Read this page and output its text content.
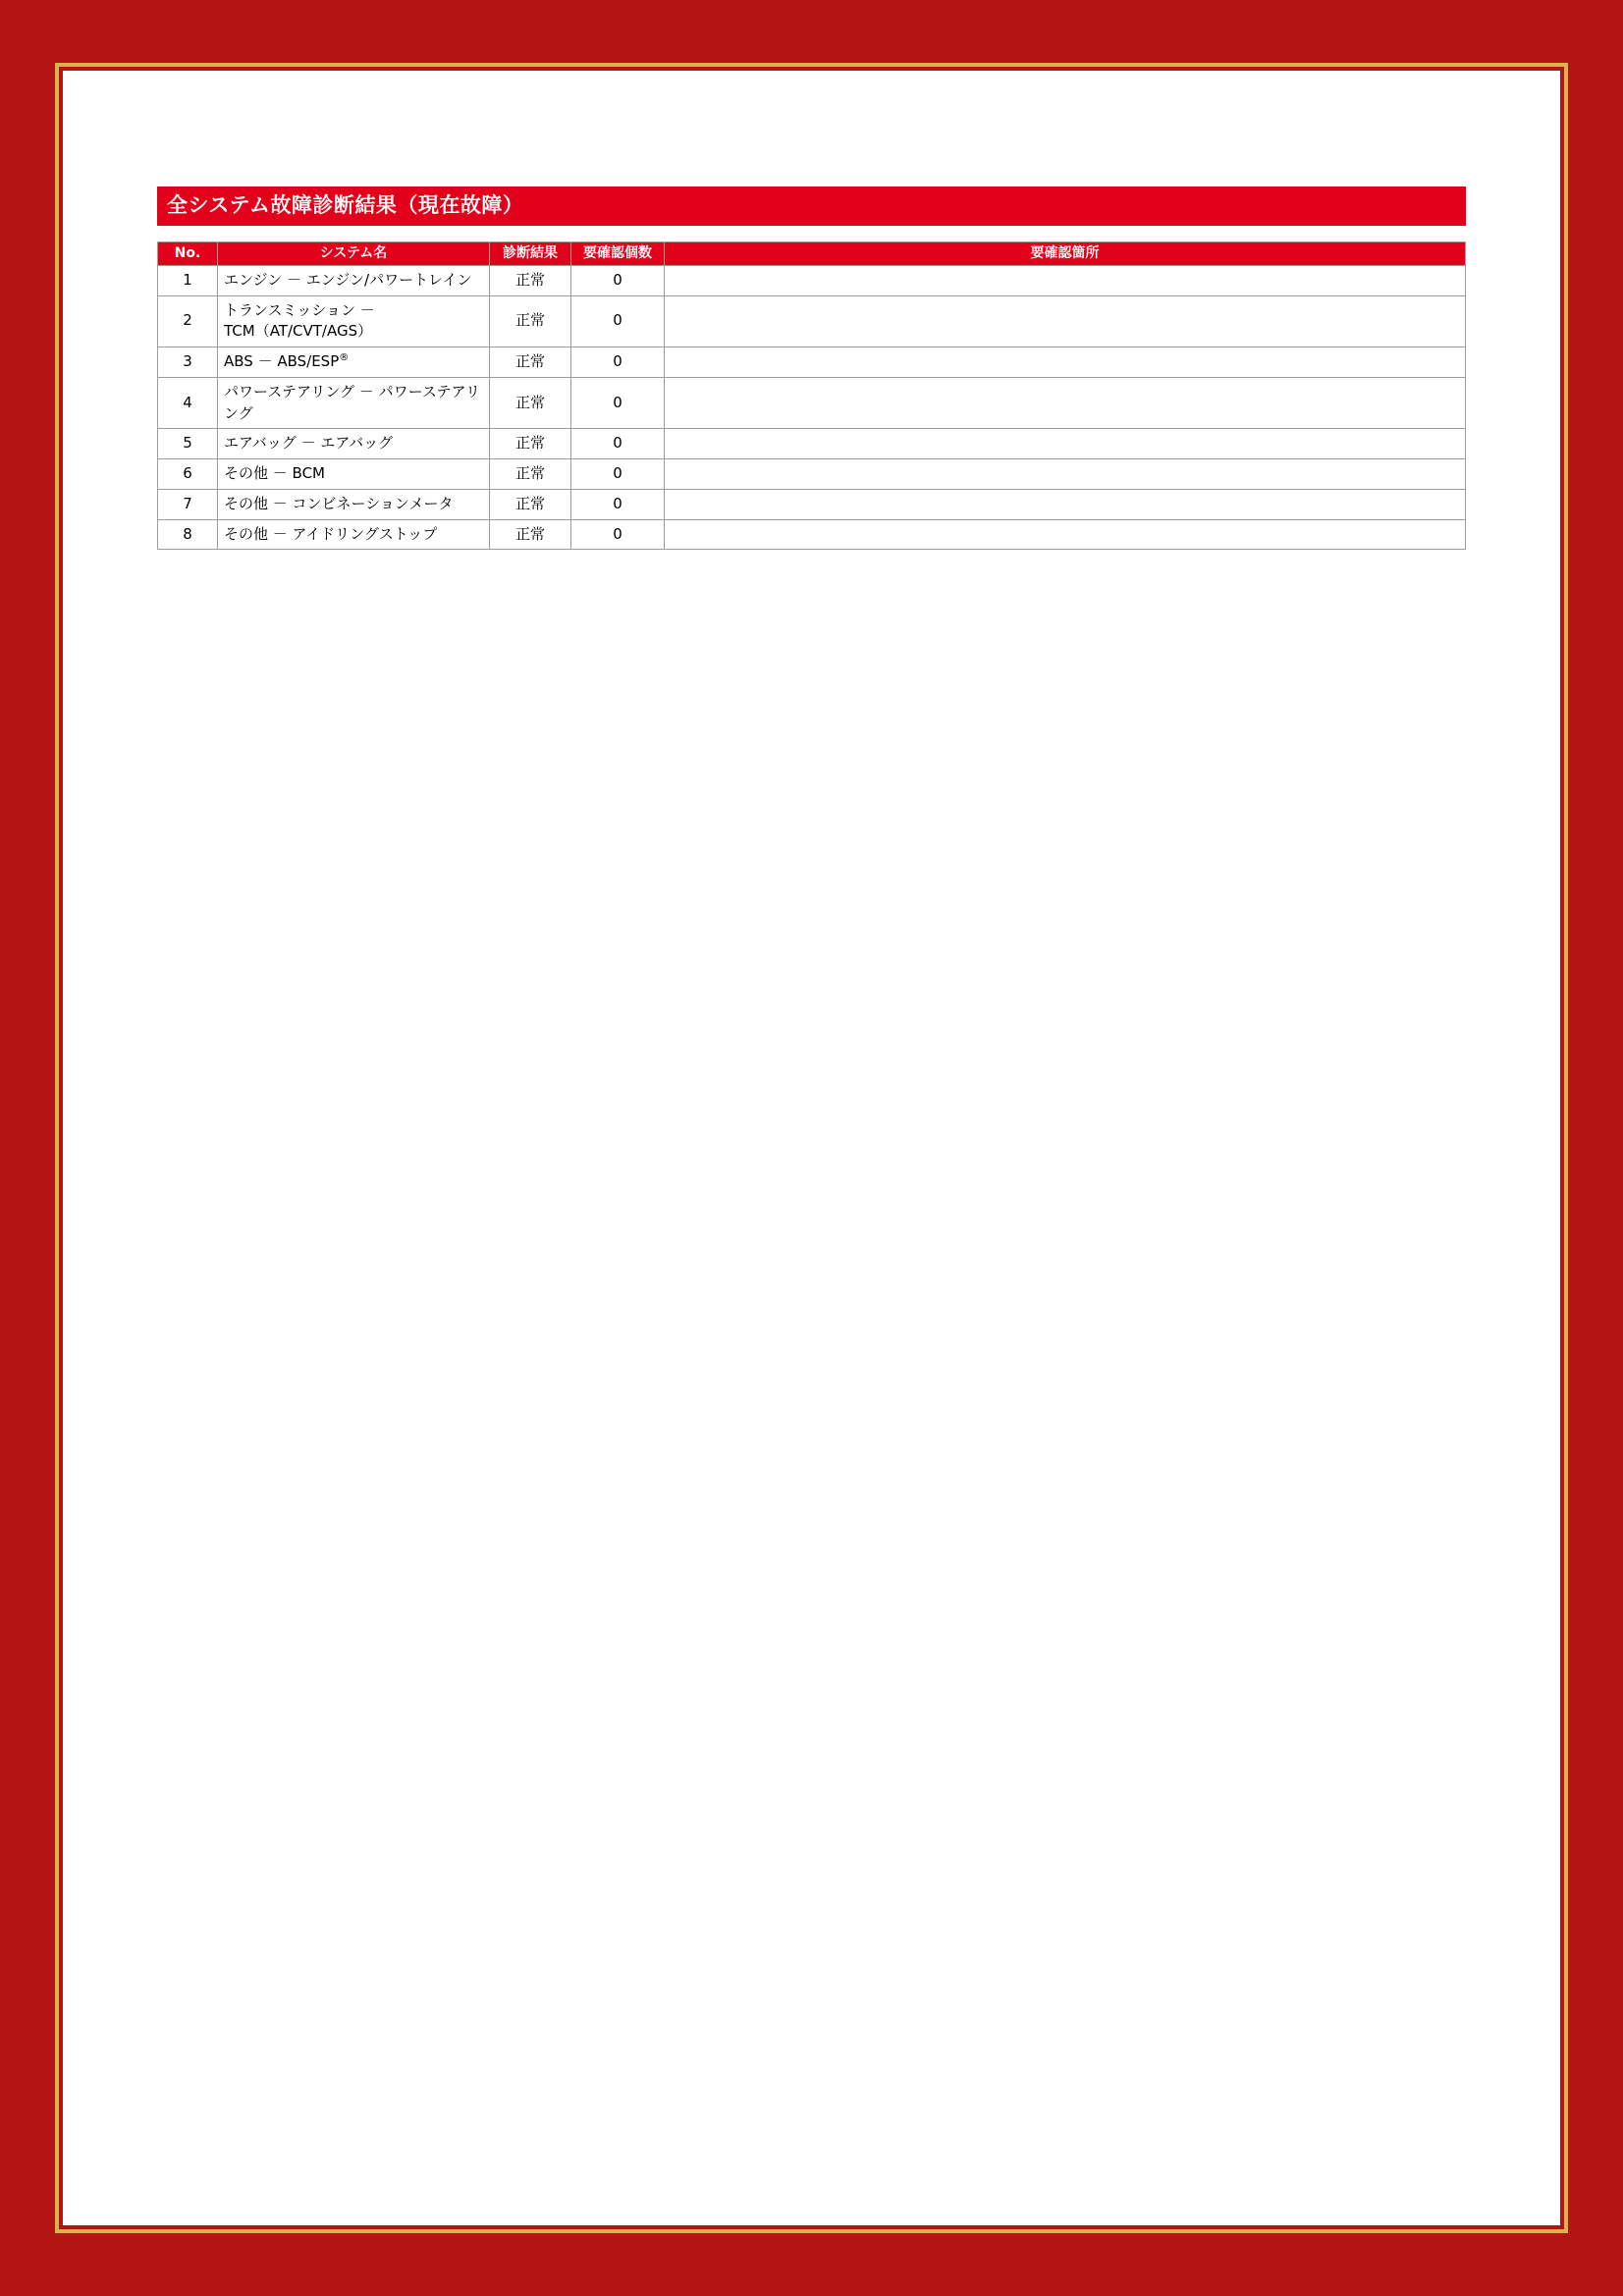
全システム故障診断結果（現在故障）
No.	システム名	診断結果	要確認個数	要確認箇所
1	エンジン － エンジン/パワートレイン	正常	0	
2	トランスミッション －
TCM（AT/CVT/AGS）	正常	0	
3	ABS － ABS/ESP®	正常	0	
4	パワーステアリング － パワーステアリング	正常	0	
5	エアバッグ － エアバッグ	正常	0	
6	その他 － BCM	正常	0	
7	その他 － コンビネーションメータ	正常	0	
8	その他 － アイドリングストップ	正常	0	
